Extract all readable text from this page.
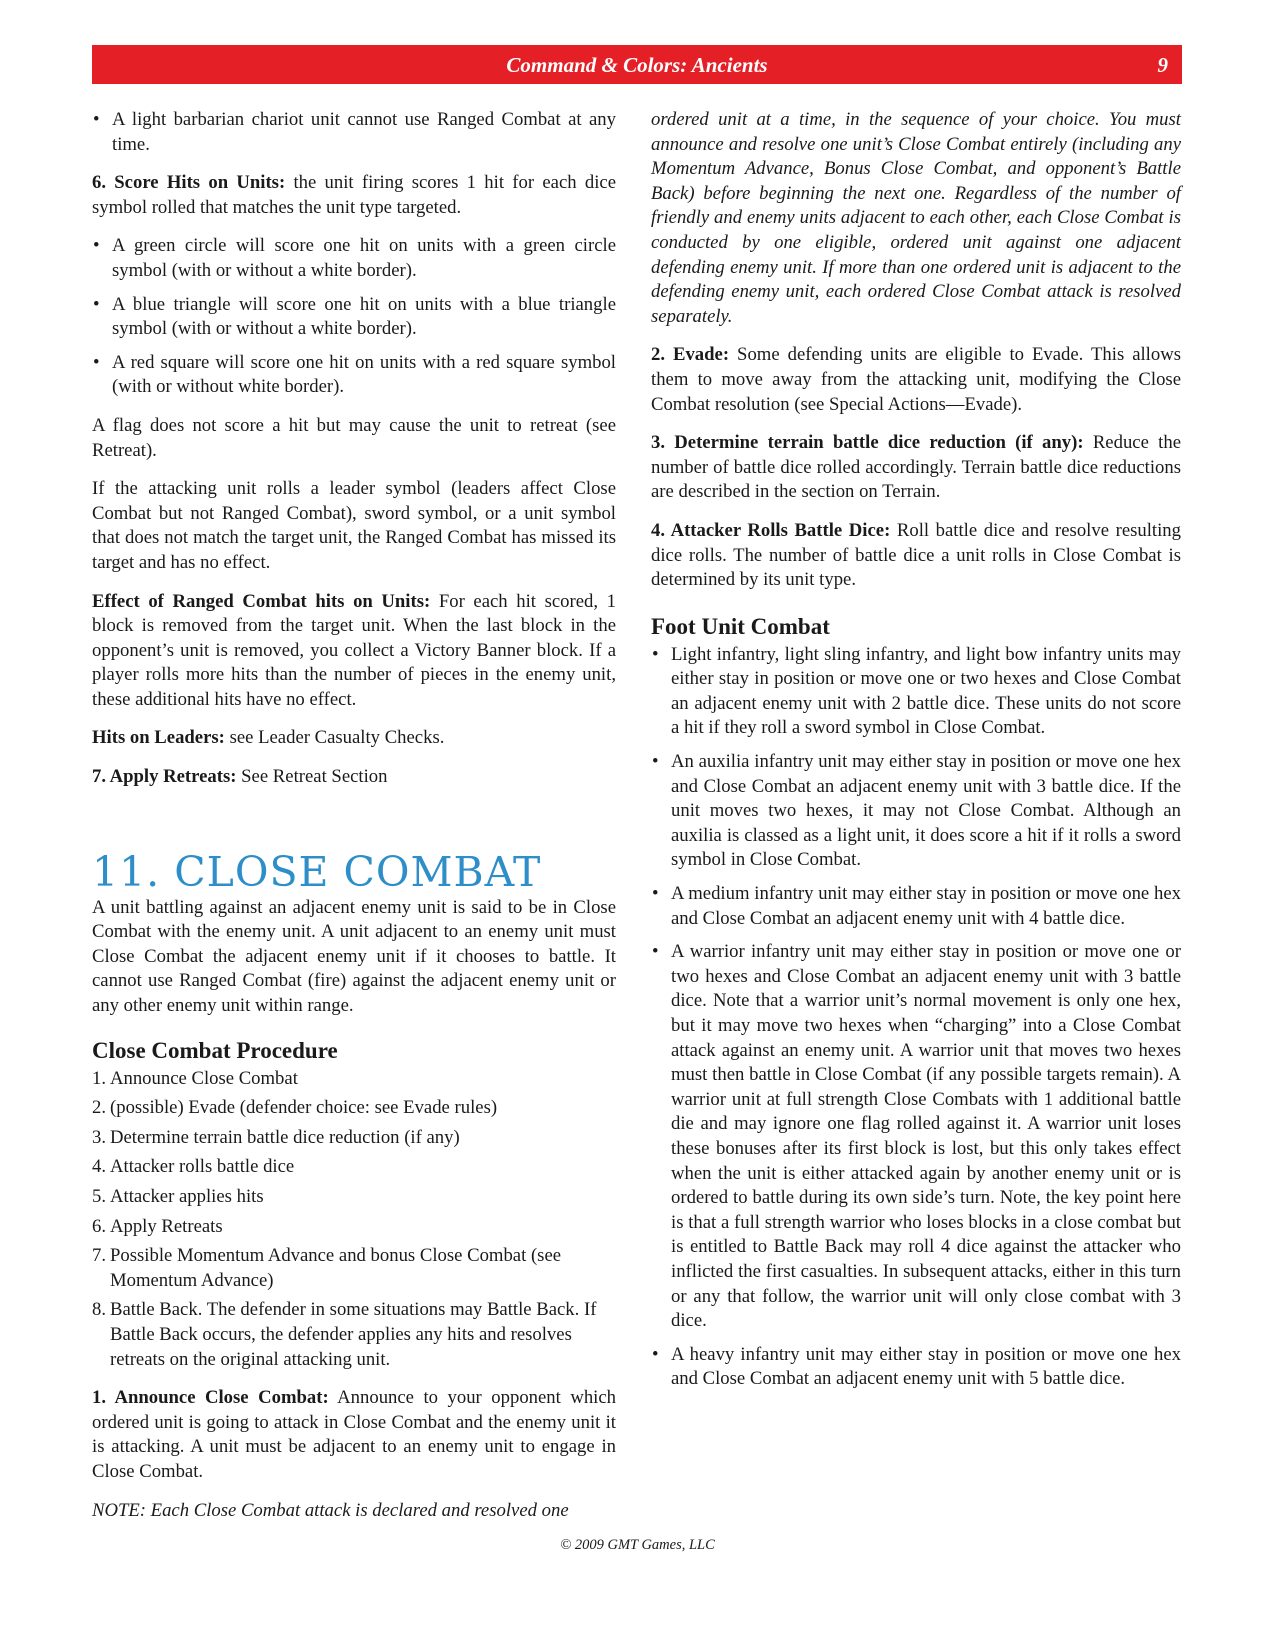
Command & Colors: Ancients	9
• A light barbarian chariot unit cannot use Ranged Combat at any time.

6. Score Hits on Units: the unit firing scores 1 hit for each dice symbol rolled that matches the unit type targeted.

• A green circle will score one hit on units with a green circle symbol (with or without a white border).
• A blue triangle will score one hit on units with a blue triangle symbol (with or without a white border).
• A red square will score one hit on units with a red square symbol (with or without white border).

A flag does not score a hit but may cause the unit to retreat (see Retreat).

If the attacking unit rolls a leader symbol (leaders affect Close Combat but not Ranged Combat), sword symbol, or a unit symbol that does not match the target unit, the Ranged Combat has missed its target and has no effect.

Effect of Ranged Combat hits on Units: For each hit scored, 1 block is removed from the target unit. When the last block in the opponent’s unit is removed, you collect a Victory Banner block. If a player rolls more hits than the number of pieces in the enemy unit, these additional hits have no effect.

Hits on Leaders: see Leader Casualty Checks.

7. Apply Retreats: See Retreat Section

11. CLOSE COMBAT

A unit battling against an adjacent enemy unit is said to be in Close Combat with the enemy unit. A unit adjacent to an enemy unit must Close Combat the adjacent enemy unit if it chooses to battle. It cannot use Ranged Combat (fire) against the adjacent enemy unit or any other enemy unit within range.

Close Combat Procedure
1. Announce Close Combat
2. (possible) Evade (defender choice: see Evade rules)
3. Determine terrain battle dice reduction (if any)
4. Attacker rolls battle dice
5. Attacker applies hits
6. Apply Retreats
7. Possible Momentum Advance and bonus Close Combat (see Momentum Advance)
8. Battle Back. The defender in some situations may Battle Back. If Battle Back occurs, the defender applies any hits and resolves retreats on the original attacking unit.

1. Announce Close Combat: Announce to your opponent which ordered unit is going to attack in Close Combat and the enemy unit it is attacking. A unit must be adjacent to an enemy unit to engage in Close Combat.

NOTE: Each Close Combat attack is declared and resolved one

ordered unit at a time, in the sequence of your choice. You must announce and resolve one unit’s Close Combat entirely (including any Momentum Advance, Bonus Close Combat, and opponent’s Battle Back) before beginning the next one. Regardless of the number of friendly and enemy units adjacent to each other, each Close Combat is conducted by one eligible, ordered unit against one adjacent defending enemy unit. If more than one ordered unit is adjacent to the defending enemy unit, each ordered Close Combat attack is resolved separately.

2. Evade: Some defending units are eligible to Evade. This allows them to move away from the attacking unit, modifying the Close Combat resolution (see Special Actions—Evade).

3. Determine terrain battle dice reduction (if any): Reduce the number of battle dice rolled accordingly. Terrain battle dice reductions are described in the section on Terrain.

4. Attacker Rolls Battle Dice: Roll battle dice and resolve resulting dice rolls. The number of battle dice a unit rolls in Close Combat is determined by its unit type.

Foot Unit Combat
• Light infantry, light sling infantry, and light bow infantry units may either stay in position or move one or two hexes and Close Combat an adjacent enemy unit with 2 battle dice. These units do not score a hit if they roll a sword symbol in Close Combat.
• An auxilia infantry unit may either stay in position or move one hex and Close Combat an adjacent enemy unit with 3 battle dice. If the unit moves two hexes, it may not Close Combat. Although an auxilia is classed as a light unit, it does score a hit if it rolls a sword symbol in Close Combat.
• A medium infantry unit may either stay in position or move one hex and Close Combat an adjacent enemy unit with 4 battle dice.
• A warrior infantry unit may either stay in position or move one or two hexes and Close Combat an adjacent enemy unit with 3 battle dice. Note that a warrior unit’s normal movement is only one hex, but it may move two hexes when “charging” into a Close Combat attack against an enemy unit. A warrior unit that moves two hexes must then battle in Close Combat (if any possible targets remain). A warrior unit at full strength Close Combats with 1 additional battle die and may ignore one flag rolled against it. A warrior unit loses these bonuses after its first block is lost, but this only takes effect when the unit is either attacked again by another enemy unit or is ordered to battle during its own side’s turn. Note, the key point here is that a full strength warrior who loses blocks in a close combat but is entitled to Battle Back may roll 4 dice against the attacker who inflicted the first casualties. In subsequent attacks, either in this turn or any that follow, the warrior unit will only close combat with 3 dice.
• A heavy infantry unit may either stay in position or move one hex and Close Combat an adjacent enemy unit with 5 battle dice.
© 2009 GMT Games, LLC
